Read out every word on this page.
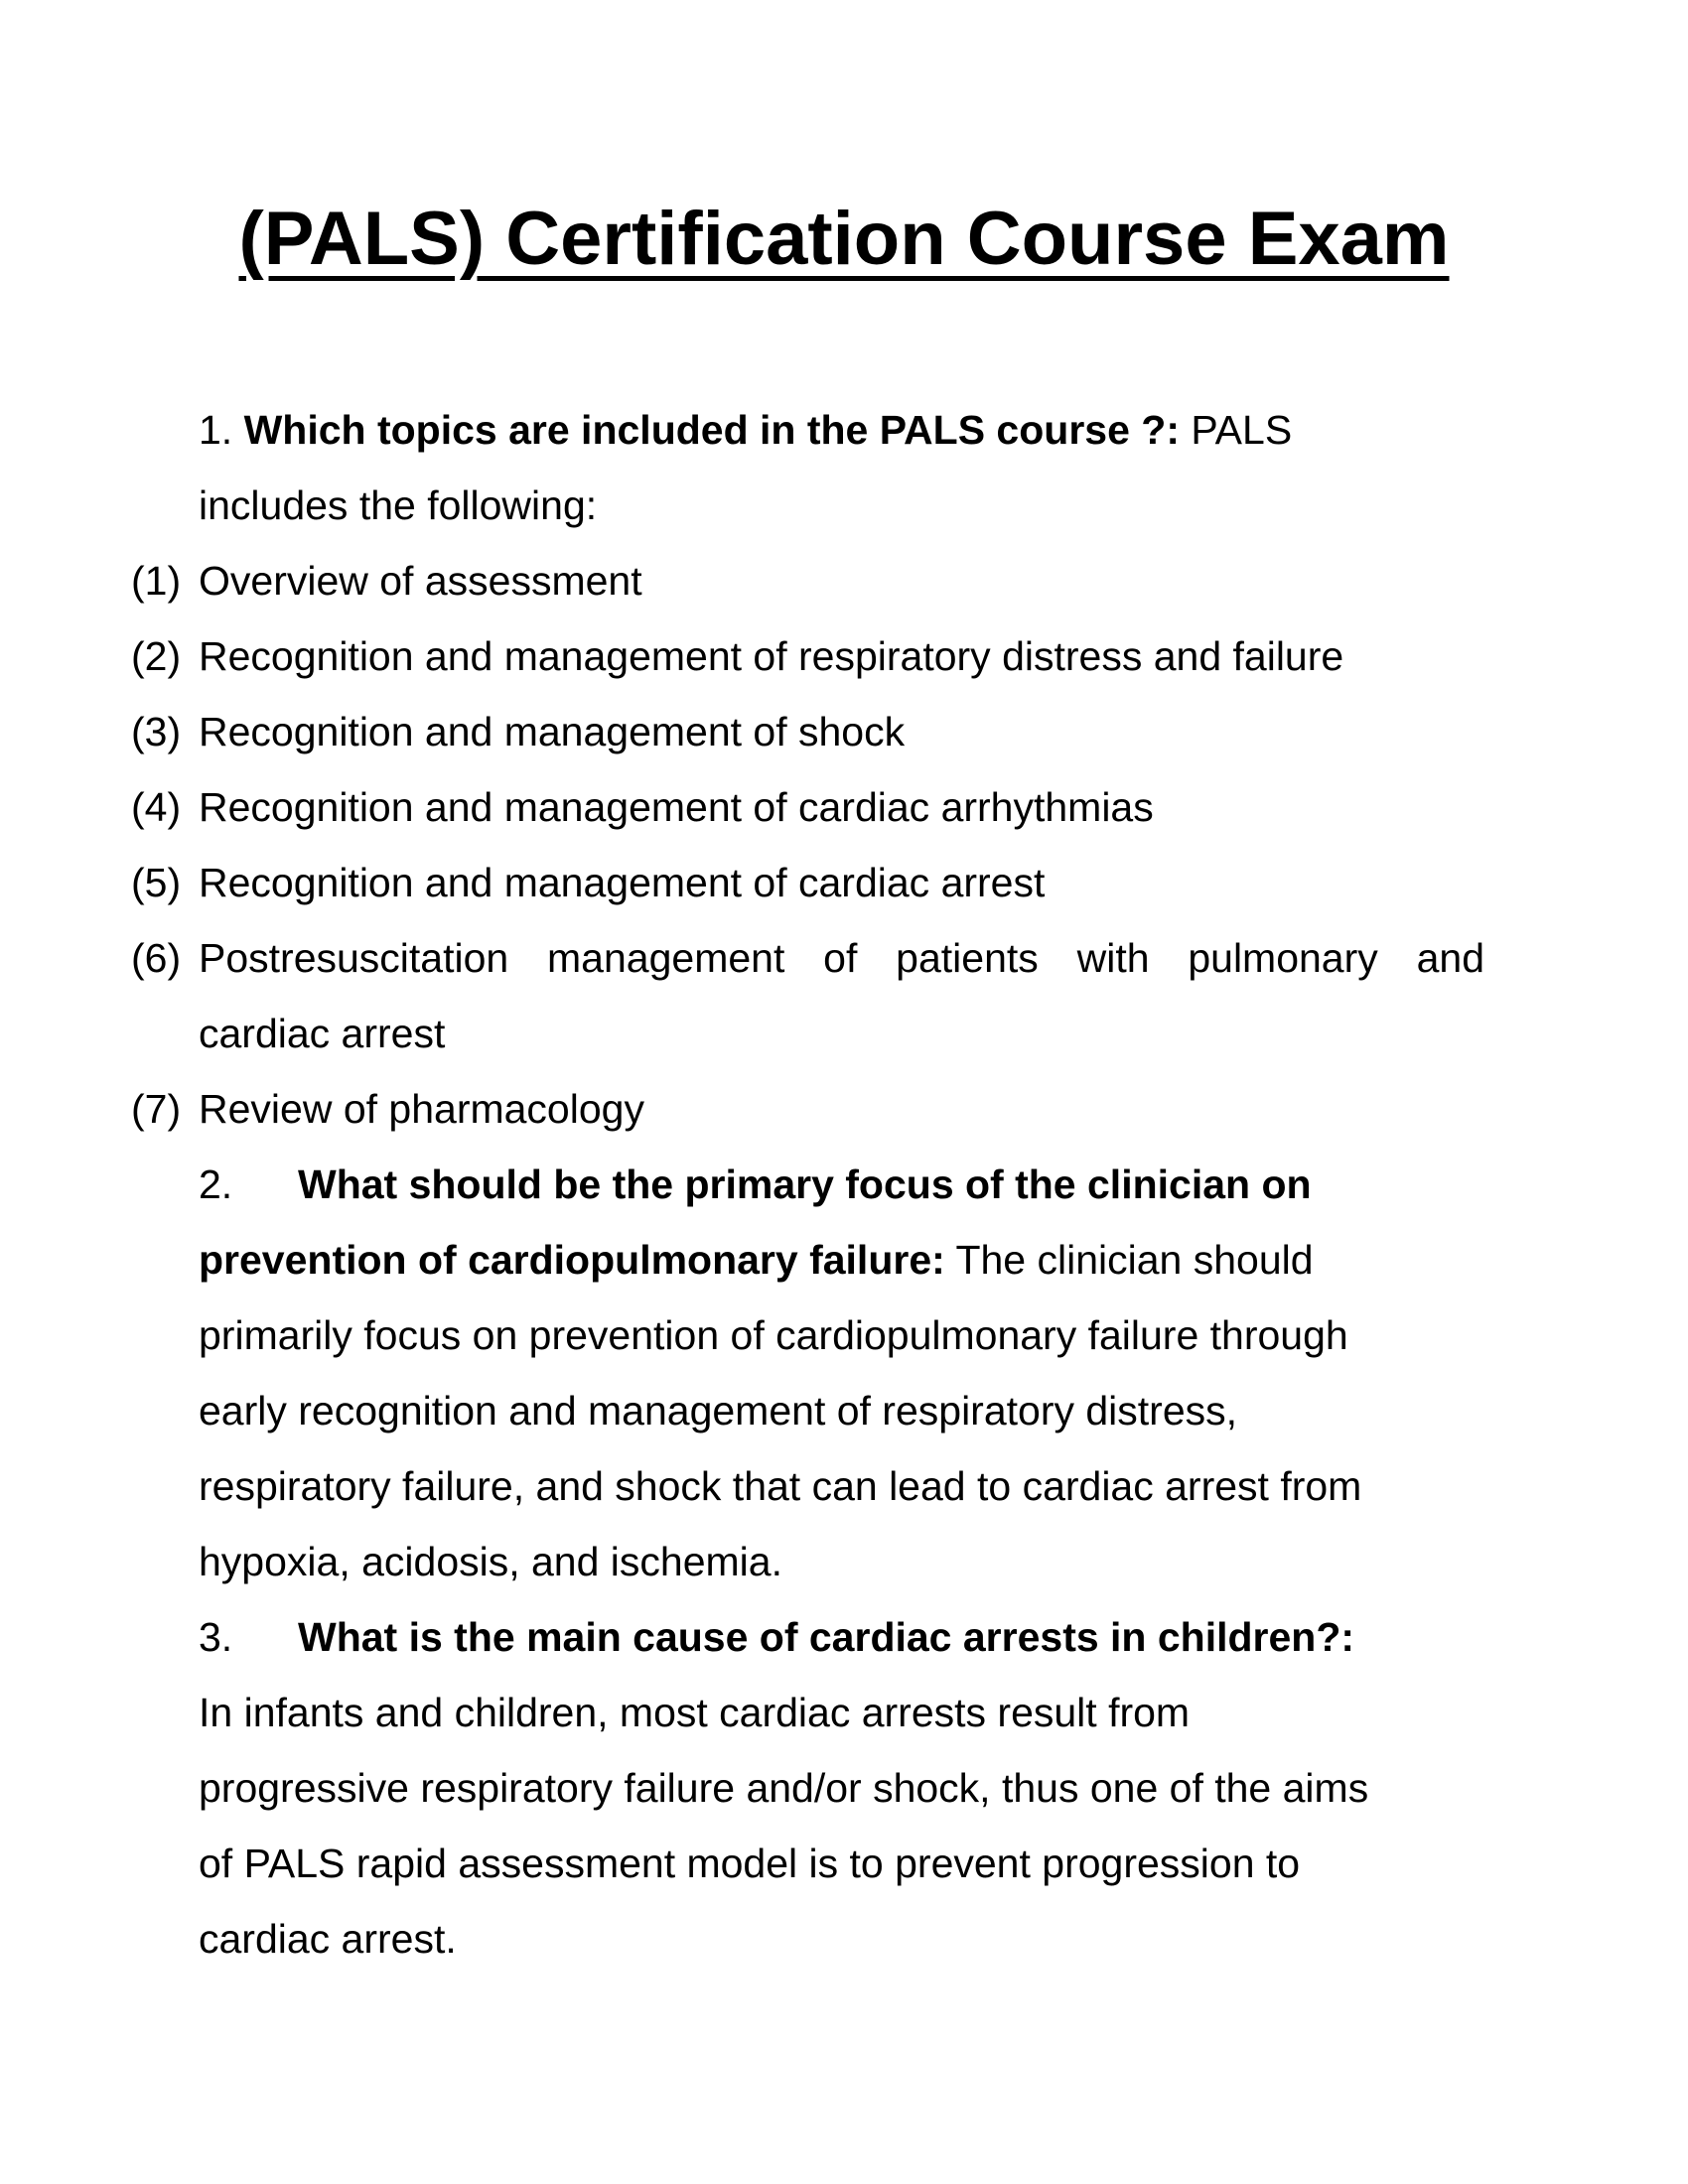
(PALS) Certification Course Exam
1. Which topics are included in the PALS course ?: PALS
includes the following:
(1) Overview of assessment
(2) Recognition and management of respiratory distress and failure
(3) Recognition and management of shock
(4) Recognition and management of cardiac arrhythmias
(5) Recognition and management of cardiac arrest
(6) Postresuscitation management of patients with pulmonary and
cardiac arrest
(7) Review of pharmacology
2. What should be the primary focus of the clinician on
prevention of cardiopulmonary failure: The clinician should
primarily focus on prevention of cardiopulmonary failure through
early recognition and management of respiratory distress,
respiratory failure, and shock that can lead to cardiac arrest from
hypoxia, acidosis, and ischemia.
3. What is the main cause of cardiac arrests in children?:
In infants and children, most cardiac arrests result from
progressive respiratory failure and/or shock, thus one of the aims
of PALS rapid assessment model is to prevent progression to
cardiac arrest.
